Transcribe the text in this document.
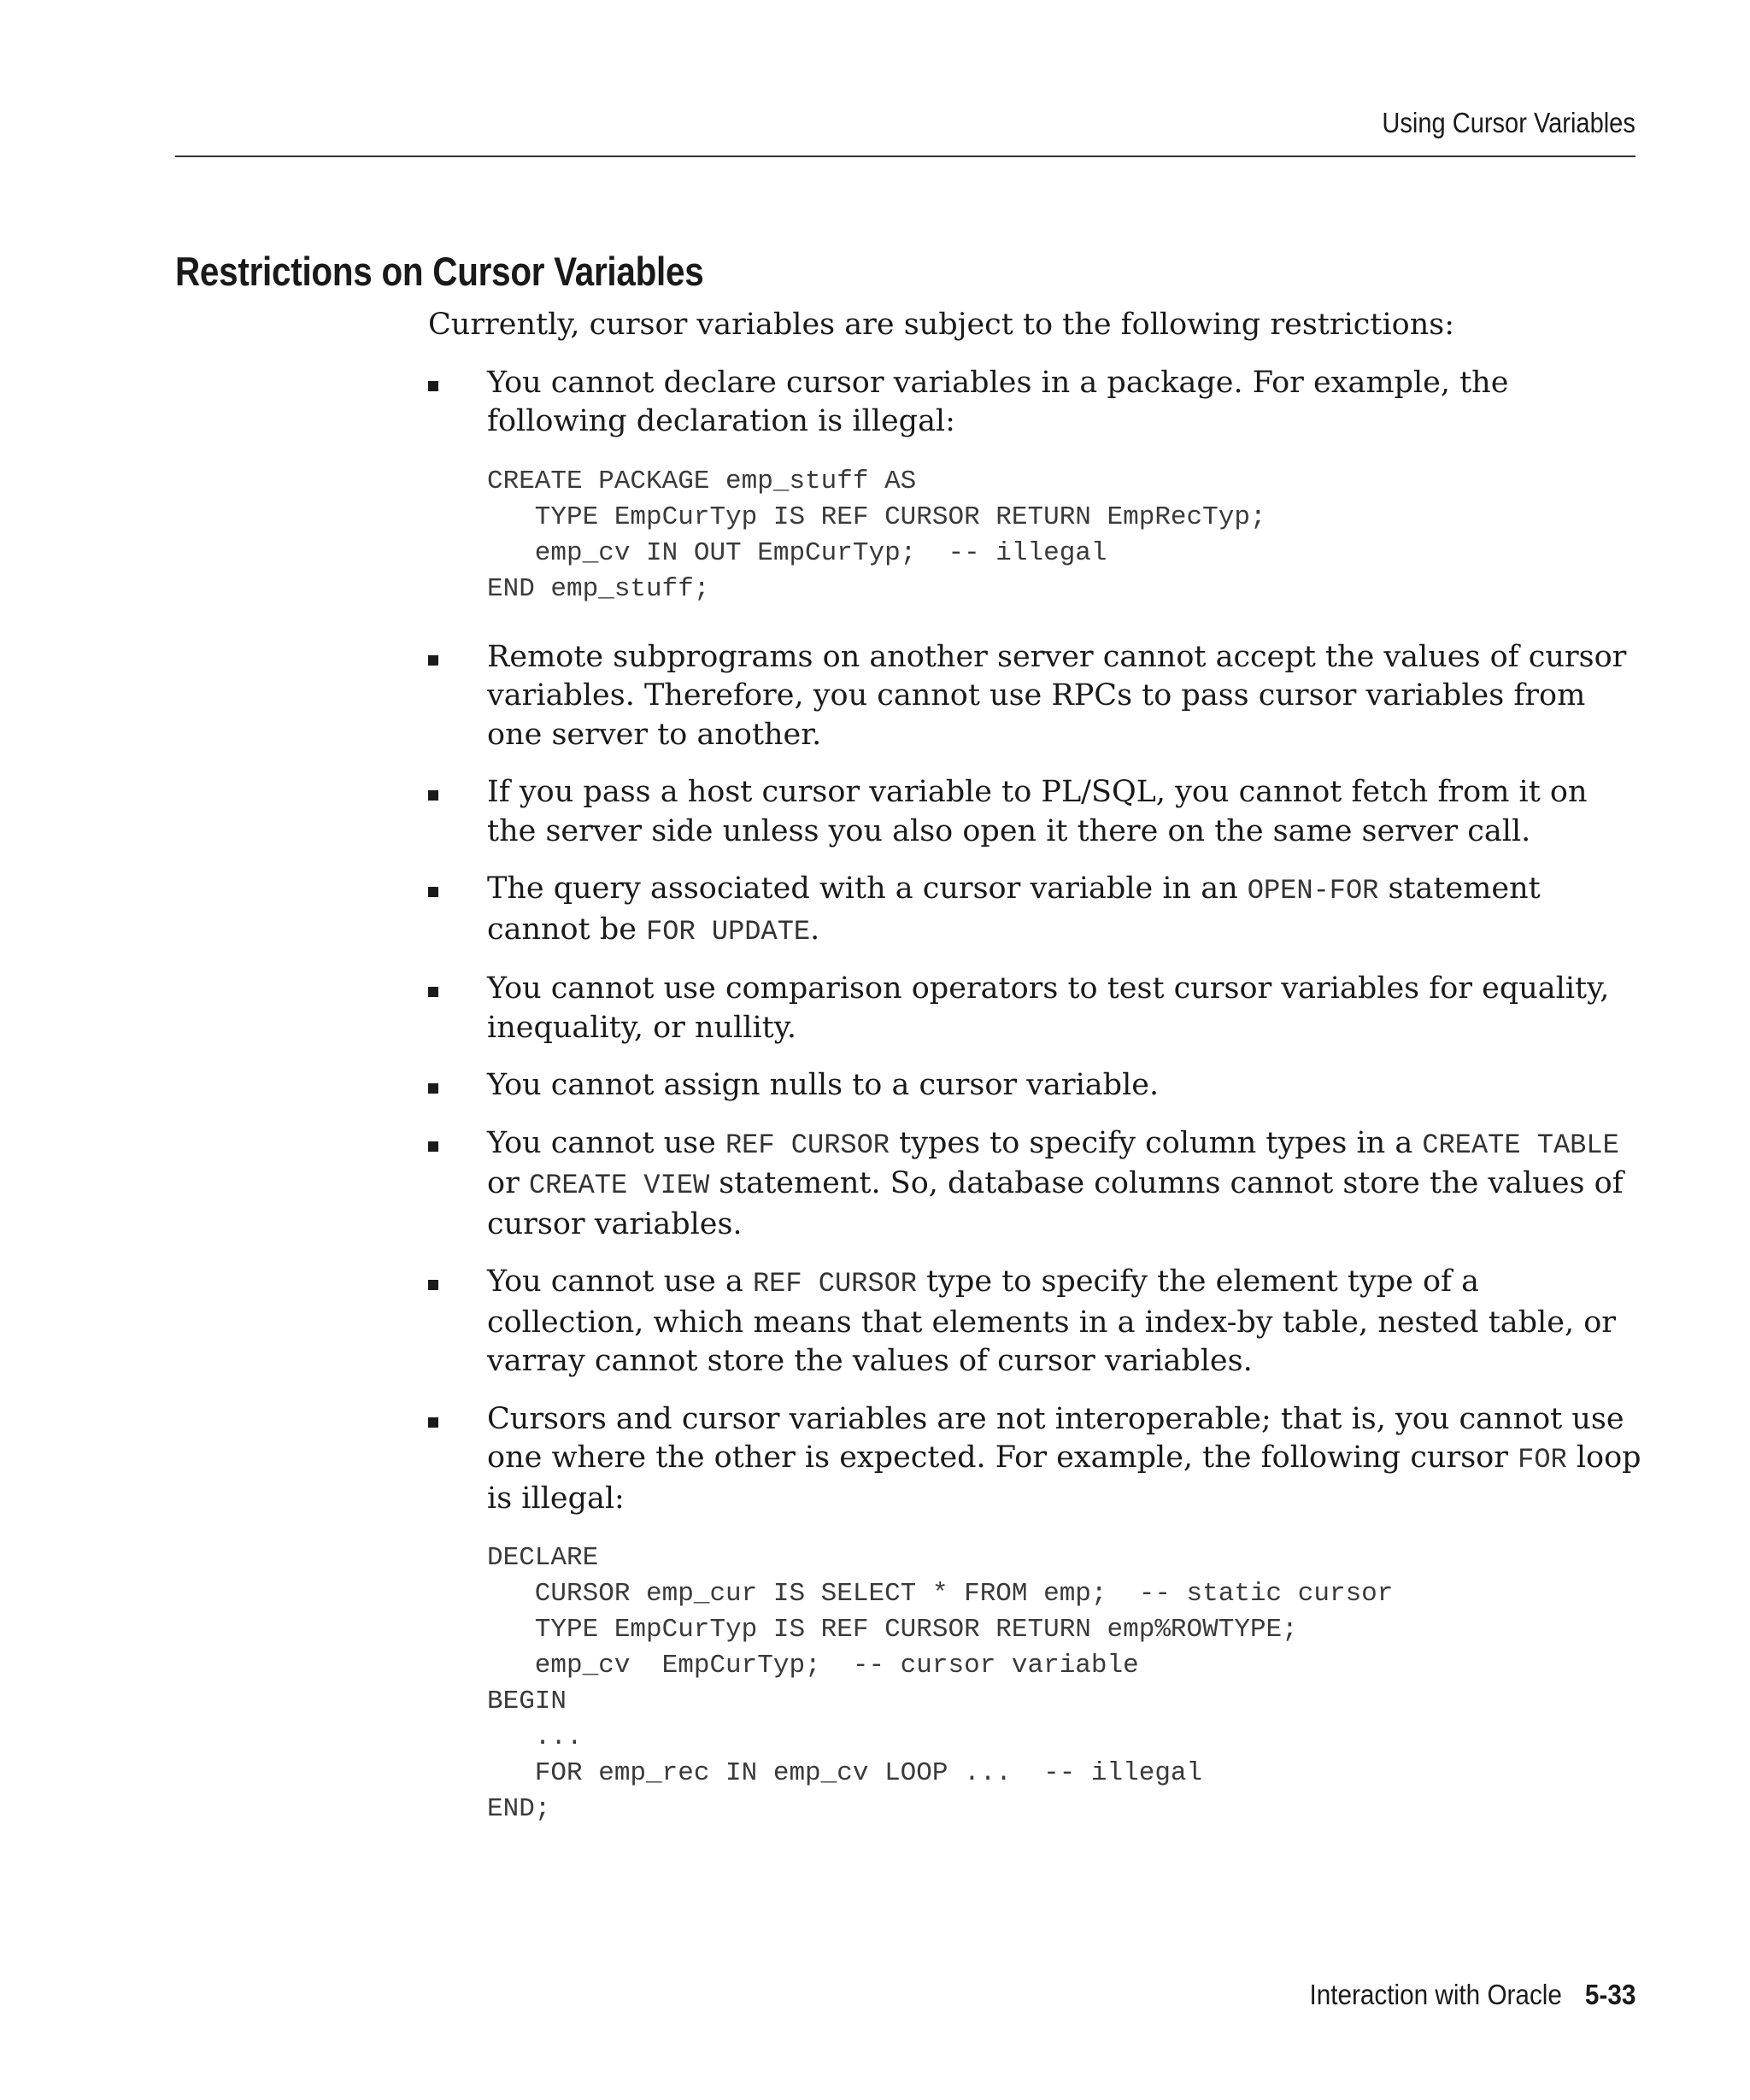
Using Cursor Variables
Restrictions on Cursor Variables

Currently, cursor variables are subject to the following restrictions:

You cannot declare cursor variables in a package. For example, the following declaration is illegal:
CREATE PACKAGE emp_stuff AS
TYPE EmpCurTyp IS REF CURSOR RETURN EmpRecTyp;
emp_cv IN OUT EmpCurTyp;  -- illegal
END emp_stuff;
Remote subprograms on another server cannot accept the values of cursor variables. Therefore, you cannot use RPCs to pass cursor variables from one server to another.
If you pass a host cursor variable to PL/SQL, you cannot fetch from it on the server side unless you also open it there on the same server call.
The query associated with a cursor variable in an OPEN-FOR statement cannot be FOR UPDATE.
You cannot use comparison operators to test cursor variables for equality, inequality, or nullity.
You cannot assign nulls to a cursor variable.
You cannot use REF CURSOR types to specify column types in a CREATE TABLE or CREATE VIEW statement. So, database columns cannot store the values of cursor variables.
You cannot use a REF CURSOR type to specify the element type of a collection, which means that elements in a index-by table, nested table, or varray cannot store the values of cursor variables.
Cursors and cursor variables are not interoperable; that is, you cannot use one where the other is expected. For example, the following cursor FOR loop is illegal:
DECLARE
CURSOR emp_cur IS SELECT * FROM emp;  -- static cursor
TYPE EmpCurTyp IS REF CURSOR RETURN emp%ROWTYPE;
emp_cv  EmpCurTyp;  -- cursor variable
BEGIN
...
FOR emp_rec IN emp_cv LOOP ...  -- illegal
END;
Interaction with Oracle 5-33
